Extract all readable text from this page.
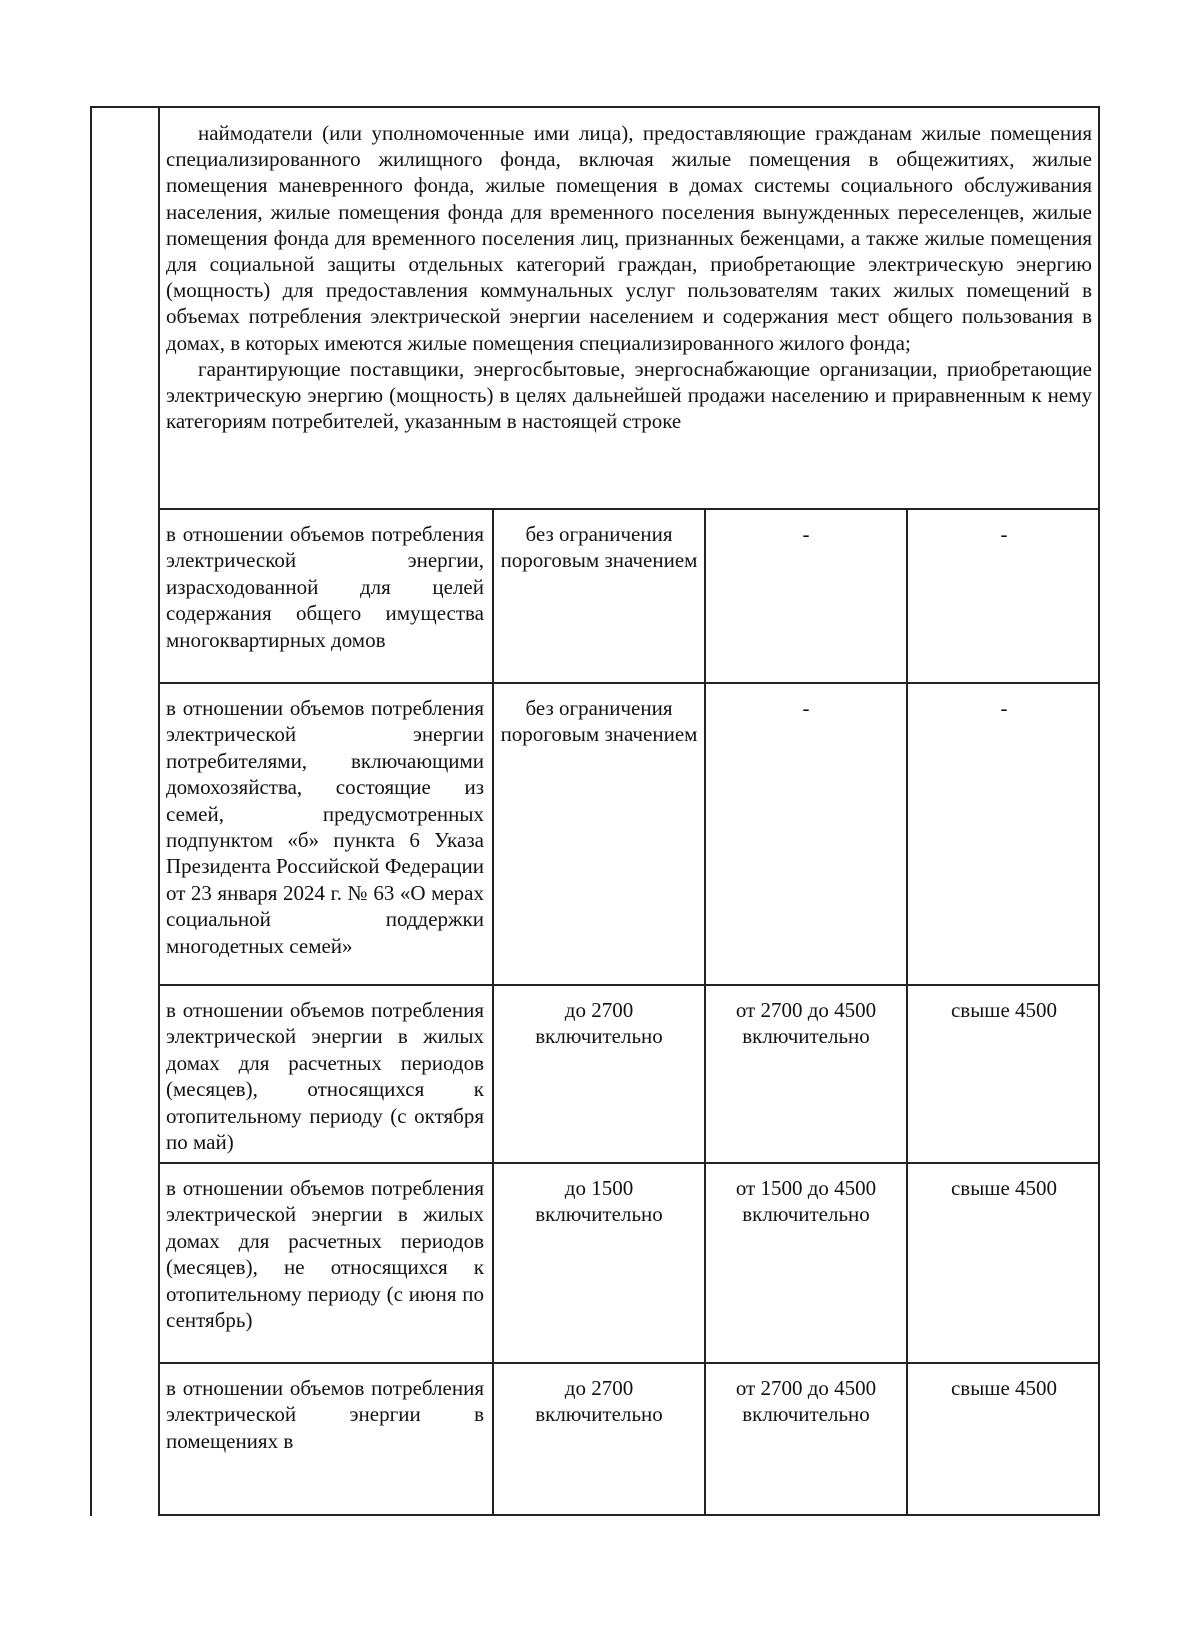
наймодатели (или уполномоченные ими лица), предоставляющие гражданам жилые помещения специализированного жилищного фонда, включая жилые помещения в общежитиях, жилые помещения маневренного фонда, жилые помещения в домах системы социального обслуживания населения, жилые помещения фонда для временного поселения вынужденных переселенцев, жилые помещения фонда для временного поселения лиц, признанных беженцами, а также жилые помещения для социальной защиты отдельных категорий граждан, приобретающие электрическую энергию (мощность) для предоставления коммунальных услуг пользователям таких жилых помещений в объемах потребления электрической энергии населением и содержания мест общего пользования в домах, в которых имеются жилые помещения специализированного жилого фонда;

гарантирующие поставщики, энергосбытовые, энергоснабжающие организации, приобретающие электрическую энергию (мощность) в целях дальнейшей продажи населению и приравненным к нему категориям потребителей, указанным в настоящей строке

в отношении объемов потребления электрической энергии, израсходованной для целей содержания общего имущества многоквартирных домов
без ограничения пороговым значением
-	-
в отношении объемов потребления электрической энергии потребителями, включающими домохозяйства, состоящие из семей, предусмотренных подпунктом «б» пункта 6 Указа Президента Российской Федерации от 23 января 2024 г. № 63 «О мерах социальной поддержки многодетных семей»
без ограничения пороговым значением
-	-
в отношении объемов потребления электрической энергии в жилых домах для расчетных периодов (месяцев), относящихся к отопительному периоду (с октября по май)
до 2700 включительно
от 2700 до 4500 включительно
свыше 4500
в отношении объемов потребления электрической энергии в жилых домах для расчетных периодов (месяцев), не относящихся к отопительному периоду (с июня по сентябрь)
до 1500 включительно
от 1500 до 4500 включительно
свыше 4500
в отношении объемов потребления электрической энергии в помещениях в
до 2700 включительно
от 2700 до 4500 включительно
свыше 4500
